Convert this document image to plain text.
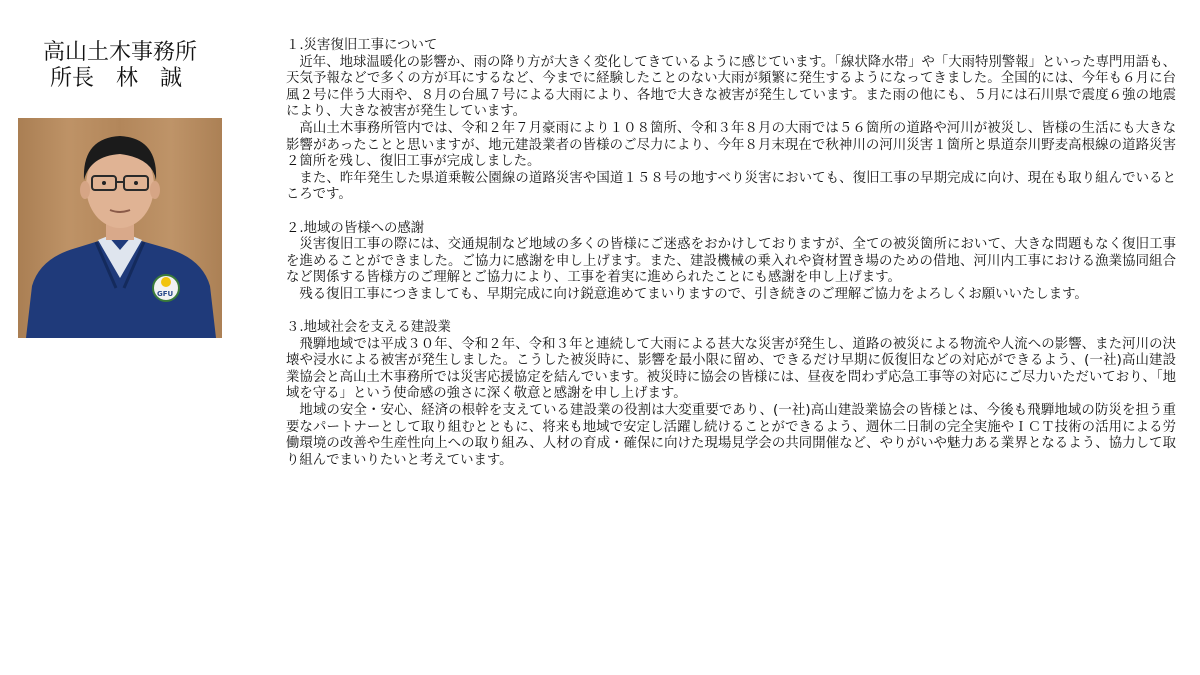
高山土木事務所

所長 林　誠

GFU
１.災害復旧工事について

近年、地球温暖化の影響か、雨の降り方が大きく変化してきているように感じています。「線状降水帯」や「大雨特別警報」といった専門用語も、天気予報などで多くの方が耳にするなど、今までに経験したことのない大雨が頻繁に発生するようになってきました。全国的には、今年も６月に台風２号に伴う大雨や、８月の台風７号による大雨により、各地で大きな被害が発生しています。また雨の他にも、５月には石川県で震度６強の地震により、大きな被害が発生しています。

高山土木事務所管内では、令和２年７月豪雨により１０８箇所、令和３年８月の大雨では５６箇所の道路や河川が被災し、皆様の生活にも大きな影響があったことと思いますが、地元建設業者の皆様のご尽力により、今年８月末現在で秋神川の河川災害１箇所と県道奈川野麦高根線の道路災害２箇所を残し、復旧工事が完成しました。

また、昨年発生した県道乗鞍公園線の道路災害や国道１５８号の地すべり災害においても、復旧工事の早期完成に向け、現在も取り組んでいるところです。

２.地域の皆様への感謝

災害復旧工事の際には、交通規制など地域の多くの皆様にご迷惑をおかけしておりますが、全ての被災箇所において、大きな問題もなく復旧工事を進めることができました。ご協力に感謝を申し上げます。また、建設機械の乗入れや資材置き場のための借地、河川内工事における漁業協同組合など関係する皆様方のご理解とご協力により、工事を着実に進められたことにも感謝を申し上げます。

残る復旧工事につきましても、早期完成に向け鋭意進めてまいりますので、引き続きのご理解ご協力をよろしくお願いいたします。

３.地域社会を支える建設業

飛騨地域では平成３０年、令和２年、令和３年と連続して大雨による甚大な災害が発生し、道路の被災による物流や人流への影響、また河川の決壊や浸水による被害が発生しました。こうした被災時に、影響を最小限に留め、できるだけ早期に仮復旧などの対応ができるよう、(一社)高山建設業協会と高山土木事務所では災害応援協定を結んでいます。被災時に協会の皆様には、昼夜を問わず応急工事等の対応にご尽力いただいており、「地域を守る」という使命感の強さに深く敬意と感謝を申し上げます。

地域の安全・安心、経済の根幹を支えている建設業の役割は大変重要であり、(一社)高山建設業協会の皆様とは、今後も飛騨地域の防災を担う重要なパートナーとして取り組むとともに、将来も地域で安定し活躍し続けることができるよう、週休二日制の完全実施やＩＣＴ技術の活用による労働環境の改善や生産性向上への取り組み、人材の育成・確保に向けた現場見学会の共同開催など、やりがいや魅力ある業界となるよう、協力して取り組んでまいりたいと考えています。
